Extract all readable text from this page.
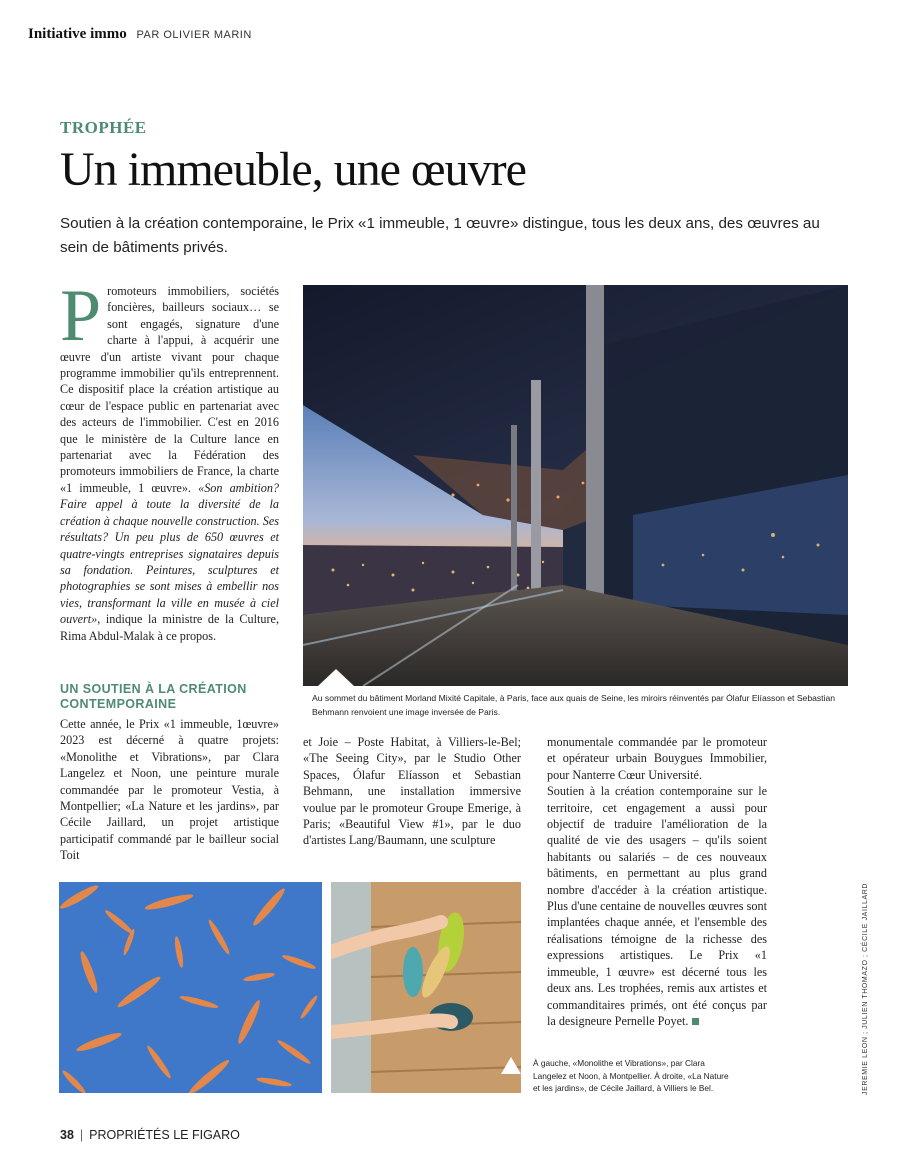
Initiative immo PAR OLIVIER MARIN
TROPHÉE
Un immeuble, une œuvre
Soutien à la création contemporaine, le Prix «1 immeuble, 1 œuvre» distingue, tous les deux ans, des œuvres au sein de bâtiments privés.
P romoteurs immobiliers, sociétés foncières, bailleurs sociaux… se sont engagés, signature d'une charte à l'appui, à acquérir une œuvre d'un artiste vivant pour chaque programme immobilier qu'ils entreprennent. Ce dispositif place la création artistique au cœur de l'espace public en partenariat avec des acteurs de l'immobilier. C'est en 2016 que le ministère de la Culture lance en partenariat avec la Fédération des promoteurs immobiliers de France, la charte «1 immeuble, 1 œuvre». «Son ambition? Faire appel à toute la diversité de la création à chaque nouvelle construction. Ses résultats? Un peu plus de 650 œuvres et quatre-vingts entreprises signataires depuis sa fondation. Peintures, sculptures et photographies se sont mises à embellir nos vies, transformant la ville en musée à ciel ouvert», indique la ministre de la Culture, Rima Abdul-Malak à ce propos.
UN SOUTIEN À LA CRÉATION CONTEMPORAINE
Cette année, le Prix «1 immeuble, 1œuvre» 2023 est décerné à quatre projets: «Monolithe et Vibrations», par Clara Langelez et Noon, une peinture murale commandée par le promoteur Vestia, à Montpellier; «La Nature et les jardins», par Cécile Jaillard, un projet artistique participatif commandé par le bailleur social Toit
et Joie – Poste Habitat, à Villiers-le-Bel; «The Seeing City», par le Studio Other Spaces, Ólafur Elíasson et Sebastian Behmann, une installation immersive voulue par le promoteur Groupe Emerige, à Paris; «Beautiful View #1», par le duo d'artistes Lang/Baumann, une sculpture
monumentale commandée par le promoteur et opérateur urbain Bouygues Immobilier, pour Nanterre Cœur Université.
Soutien à la création contemporaine sur le territoire, cet engagement a aussi pour objectif de traduire l'amélioration de la qualité de vie des usagers – qu'ils soient habitants ou salariés – de ces nouveaux bâtiments, en permettant au plus grand nombre d'accéder à la création artistique. Plus d'une centaine de nouvelles œuvres sont implantées chaque année, et l'ensemble des réalisations témoigne de la richesse des expressions artistiques. Le Prix «1 immeuble, 1 œuvre» est décerné tous les deux ans. Les trophées, remis aux artistes et commanditaires primés, ont été conçus par la designeure Pernelle Poyet.
Au sommet du bâtiment Morland Mixité Capitale, à Paris, face aux quais de Seine, les miroirs réinventés par Ólafur Elíasson et Sebastian Behmann renvoient une image inversée de Paris.
À gauche, «Monolithe et Vibrations», par Clara Langelez et Noon, à Montpellier. À droite, «La Nature et les jardins», de Cécile Jaillard, à Villiers le Bel.	JEREMIE LEON ; JULIEN THOMAZO ; CÉCILE JAILLARD
38 | PROPRIÉTÉS LE FIGARO
